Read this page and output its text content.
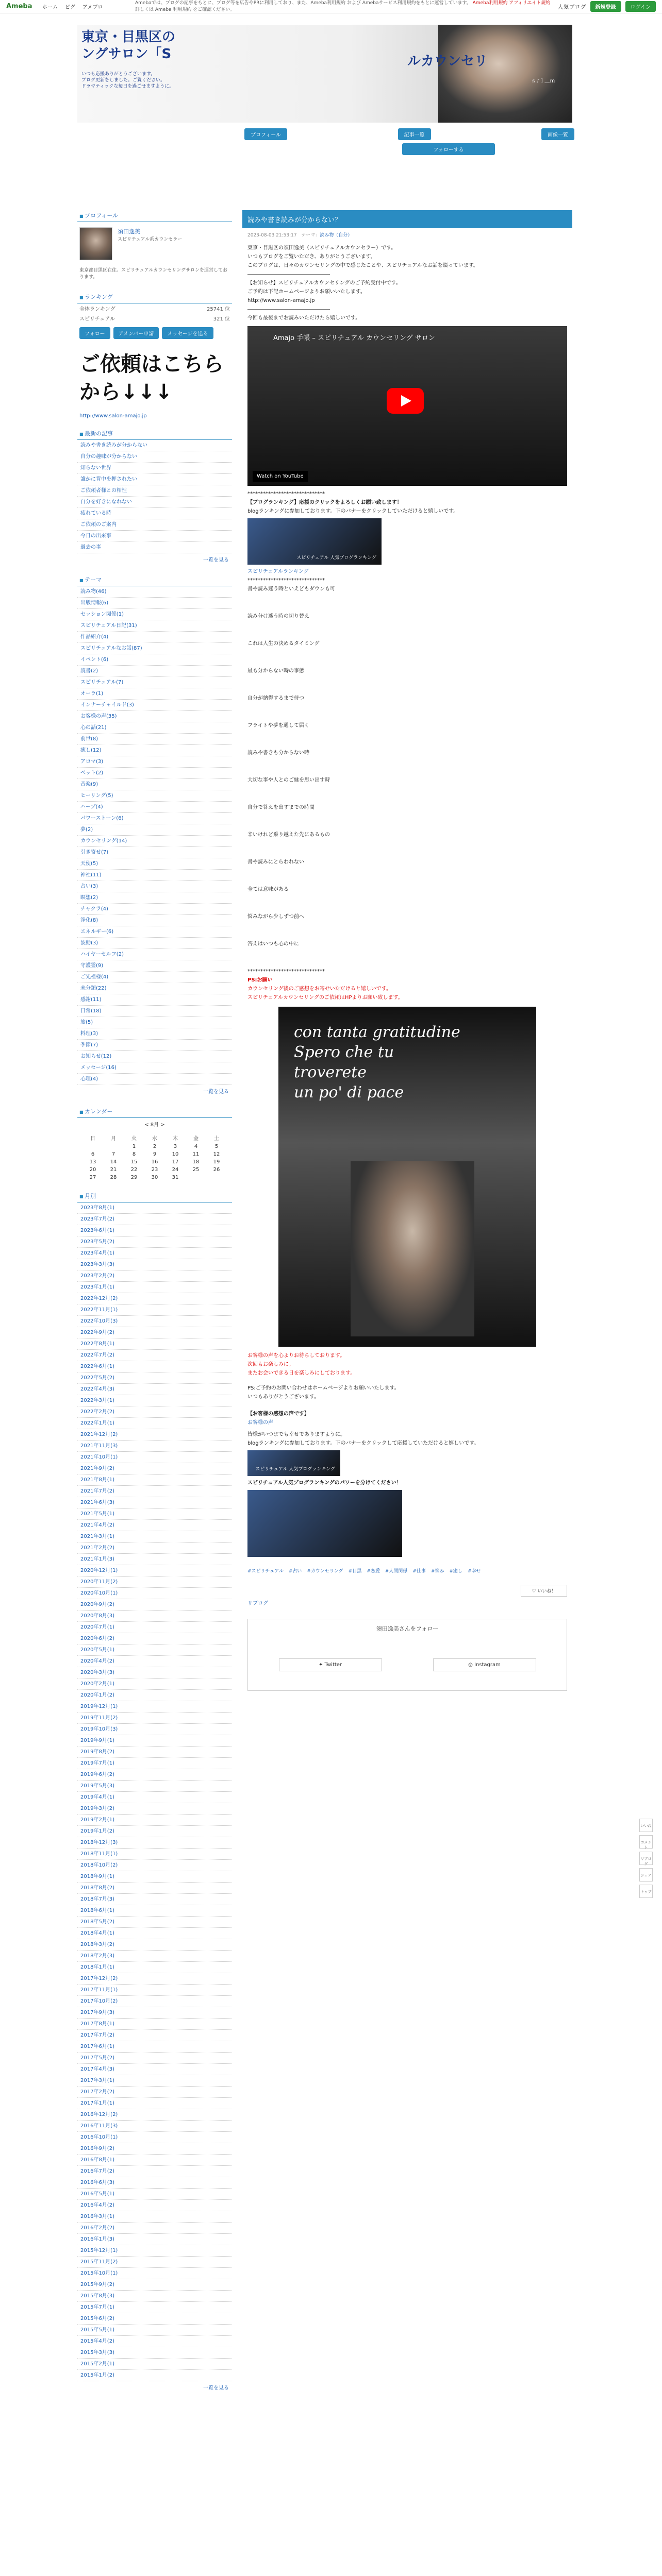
Ameba	ホーム ピグ アメブロ
Amebaでは、ブログの記事をもとに、ブログ等を広告やPRに利用しており、また、Ameba利用規約 および Amebaサービス利用規約をもとに運営しています。 Ameba利用規約 アフィリエイト規約 詳しくは Ameba 利用規約 をご確認ください。	人気ブログ	新規登録	ログイン
東京・目黒区の
ングサロン「S	ルカウンセリ
いつも応援ありがとうございます。
ブログ更新をしました。ご覧ください。
ドラマティックな毎日を過ごせますように。
ｓ♪ｌ＿ｍ
プロフィール	記事一覧	画像一覧
フォローする
■ プロフィール
須田逸美
スピリチュアル系カウンセラー
東京都目黒区在住。スピリチュアルカウンセリングサロンを運営しております。
■ ランキング
全体ランキング	25741 位
スピリチュアル	321 位
フォロー	アメンバー申請	メッセージを送る
ご依頼はこちらから↓↓↓
http://www.salon-amajo.jp
■ 最新の記事
読みや書き読みが分からない
自分の趣味が分からない
知らない世界
誰かに背中を押されたい
ご依頼者様との相性
自分を好きになれない
疲れている時
ご依頼のご案内
今日の出来事
過去の事
一覧を見る
■ テーマ
読み物(46)
出版情報(6)
セッション関係(1)
スピリチュアル日記(31)
作品紹介(4)
スピリチュアルなお話(87)
イベント(6)
読書(2)
スピリチュアル(7)
オーラ(1)
インナーチャイルド(3)
お客様の声(35)
心の話(21)
前世(8)
癒し(12)
アロマ(3)
ペット(2)
音楽(9)
ヒーリング(5)
ハーブ(4)
パワーストーン(6)
夢(2)
カウンセリング(14)
引き寄せ(7)
天使(5)
神社(11)
占い(3)
瞑想(2)
チャクラ(4)
浄化(8)
エネルギー(6)
波動(3)
ハイヤーセルフ(2)
守護霊(9)
ご先祖様(4)
未分類(22)
感謝(11)
日常(18)
旅(5)
料理(3)
季節(7)
お知らせ(12)
メッセージ(16)
心理(4)
一覧を見る
■ カレンダー
< 8月 >
日	月	火	水	木	金	土
		1	2	3	4	5
6	7	8	9	10	11	12
13	14	15	16	17	18	19
20	21	22	23	24	25	26
27	28	29	30	31		
■ 月別
2023年8月(1)
2023年7月(2)
2023年6月(1)
2023年5月(2)
2023年4月(1)
2023年3月(3)
2023年2月(2)
2023年1月(1)
2022年12月(2)
2022年11月(1)
2022年10月(3)
2022年9月(2)
2022年8月(1)
2022年7月(2)
2022年6月(1)
2022年5月(2)
2022年4月(3)
2022年3月(1)
2022年2月(2)
2022年1月(1)
2021年12月(2)
2021年11月(3)
2021年10月(1)
2021年9月(2)
2021年8月(1)
2021年7月(2)
2021年6月(3)
2021年5月(1)
2021年4月(2)
2021年3月(1)
2021年2月(2)
2021年1月(3)
2020年12月(1)
2020年11月(2)
2020年10月(1)
2020年9月(2)
2020年8月(3)
2020年7月(1)
2020年6月(2)
2020年5月(1)
2020年4月(2)
2020年3月(3)
2020年2月(1)
2020年1月(2)
2019年12月(1)
2019年11月(2)
2019年10月(3)
2019年9月(1)
2019年8月(2)
2019年7月(1)
2019年6月(2)
2019年5月(3)
2019年4月(1)
2019年3月(2)
2019年2月(1)
2019年1月(2)
2018年12月(3)
2018年11月(1)
2018年10月(2)
2018年9月(1)
2018年8月(2)
2018年7月(3)
2018年6月(1)
2018年5月(2)
2018年4月(1)
2018年3月(2)
2018年2月(3)
2018年1月(1)
2017年12月(2)
2017年11月(1)
2017年10月(2)
2017年9月(3)
2017年8月(1)
2017年7月(2)
2017年6月(1)
2017年5月(2)
2017年4月(3)
2017年3月(1)
2017年2月(2)
2017年1月(1)
2016年12月(2)
2016年11月(3)
2016年10月(1)
2016年9月(2)
2016年8月(1)
2016年7月(2)
2016年6月(3)
2016年5月(1)
2016年4月(2)
2016年3月(1)
2016年2月(2)
2016年1月(3)
2015年12月(1)
2015年11月(2)
2015年10月(1)
2015年9月(2)
2015年8月(3)
2015年7月(1)
2015年6月(2)
2015年5月(1)
2015年4月(2)
2015年3月(3)
2015年2月(1)
2015年1月(2)
一覧を見る
読みや書き読みが分からない？
2023-08-03 21:53:17 テーマ：読み物（自分）

東京・目黒区の須田逸美（スピリチュアルカウンセラー）です。

いつもブログをご覧いただき、ありがとうございます。

このブログは、日々のカウンセリングの中で感じたことや、スピリチュアルなお話を綴っています。

――――――――――――――――

【お知らせ】スピリチュアルカウンセリングのご予約受付中です。

ご予約は下記ホームページよりお願いいたします。

http://www.salon-amajo.jp

――――――――――――――――

今回も最後までお読みいただけたら嬉しいです。

Amajo 手帳 – スピリチュアル カウンセリング サロン
Watch on YouTube

******************************

【ブログランキング】応援のクリックをよろしくお願い致します！

blogランキングに参加しております。下のバナーをクリックしていただけると嬉しいです。

スピリチュアル 人気ブログランキング

スピリチュアルランキング

******************************

書や読み迷う時といえどもダウンも可

読み分け迷う時の切り替え

これは人生の決めるタイミング

最も分からない時の事態

自分が納得するまで待つ

フライトや夢を通して届く

読みや書きも分からない時

大切な事や人とのご縁を思い出す時

自分で答えを出すまでの時間

辛いけれど乗り越えた先にあるもの

書や読みにとらわれない

全ては意味がある

悩みながら少しずつ前へ

答えはいつも心の中に

******************************

PS:お願い

カウンセリング後のご感想をお寄せいただけると嬉しいです。

スピリチュアルカウンセリングのご依頼はHPよりお願い致します。

con tanta gratitudine
Spero che tu
troverete
un po' di pace

お客様の声を心よりお待ちしております。

次回もお楽しみに。

またお会いできる日を楽しみにしております。

PS:ご予約のお問い合わせはホームページよりお願いいたします。

いつもありがとうございます。

【お客様の感想の声です】

お客様の声

皆様がいつまでも幸せでありますように。

blogランキングに参加しております。下のバナーをクリックして応援していただけると嬉しいです。

スピリチュアル 人気ブログランキング

スピリチュアル人気ブログランキングのパワーを分けてください！

#スピリチュアル #占い #カウンセリング #目黒 #恋愛 #人間関係 #仕事 #悩み #癒し #幸せ
♡ いいね！
リブログ
須田逸美さんをフォロー
✦ Twitter	◎ Instagram
いいね
コメント
リブログ
シェア
トップ
